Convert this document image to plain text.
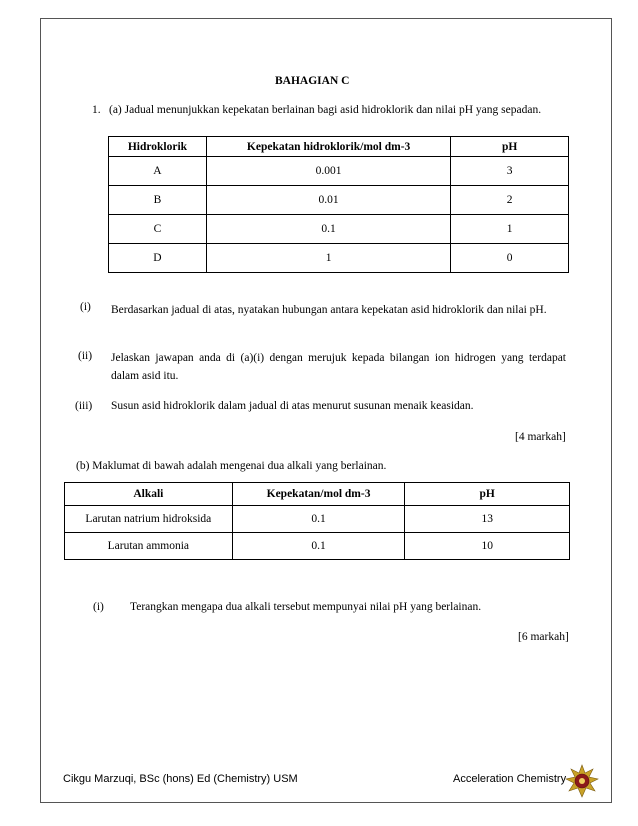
BAHAGIAN C
1. (a) Jadual menunjukkan kepekatan berlainan bagi asid hidroklorik dan nilai pH yang sepadan.
Hidroklorik	Kepekatan hidroklorik/mol dm-3	pH
A	0.001	3
B	0.01	2
C	0.1	1
D	1	0
(i) Berdasarkan jadual di atas, nyatakan hubungan antara kepekatan asid hidroklorik dan nilai pH.
(ii) Jelaskan jawapan anda di (a)(i) dengan merujuk kepada bilangan ion hidrogen yang terdapat dalam asid itu.
(iii) Susun asid hidroklorik dalam jadual di atas menurut susunan menaik keasidan.
[4 markah]
(b) Maklumat di bawah adalah mengenai dua alkali yang berlainan.
Alkali	Kepekatan/mol dm-3	pH
Larutan natrium hidroksida	0.1	13
Larutan ammonia	0.1	10
(i) Terangkan mengapa dua alkali tersebut mempunyai nilai pH yang berlainan.
[6 markah]
Cikgu Marzuqi, BSc (hons) Ed (Chemistry) USM	Acceleration Chemistry
